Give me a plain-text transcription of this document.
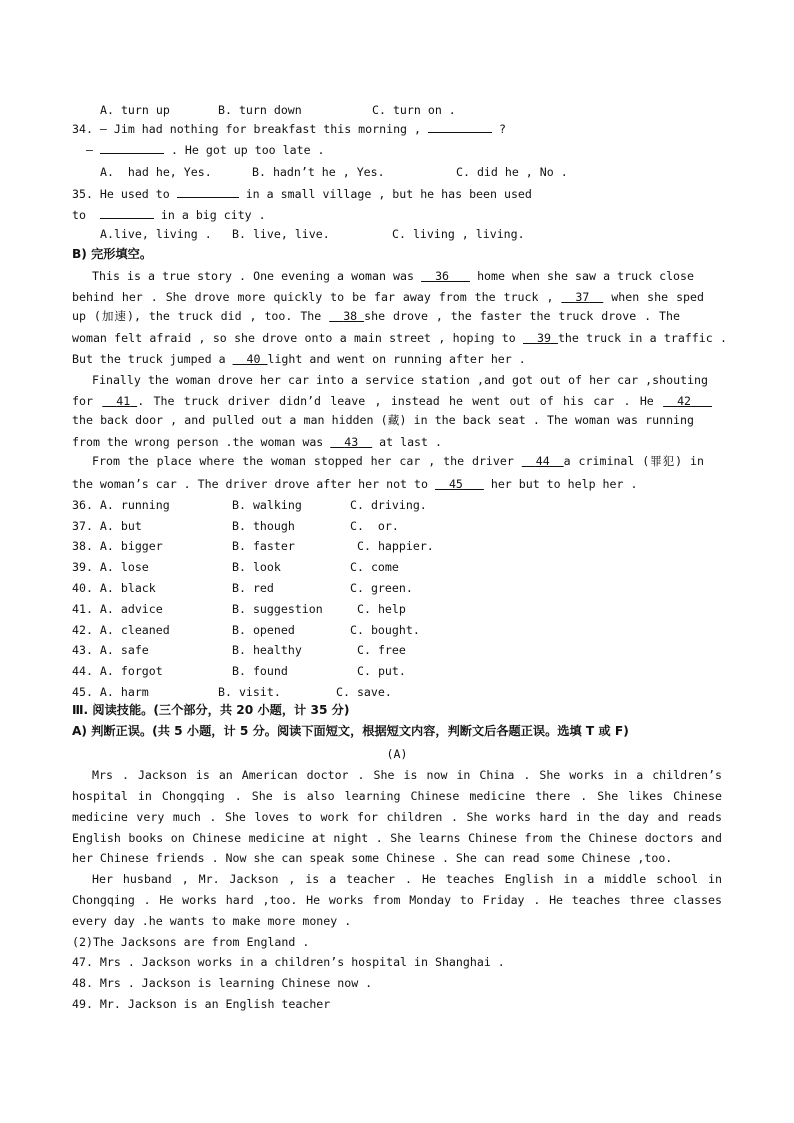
A. turn up	B. turn down	C. turn on .
34. — Jim had nothing for breakfast this morning ,	?
—	. He got up too late .
A.  had he, Yes.	B. hadn’t he , Yes.	C. did he , No .
35. He used to	in a small village , but he has been used
to	in a big city .
A.live, living . B. live, live.	C. living , living.
B) 完形填空。
This is a true story . One evening a woman was 36 home when she saw a truck close
behind her . She drove more quickly to be far away from the truck , 37 when she sped
up (加速), the truck did , too. The 38 she drove , the faster the truck drove . The
woman felt afraid , so she drove onto a main street , hoping to 39 the truck in a traffic .
But the truck jumped a 40 light and went on running after her .
Finally the woman drove her car into a service station ,and got out of her car ,shouting
for 41 . The truck driver didn’d leave , instead he went out of his car . He 42
the back door , and pulled out a man hidden (藏) in the back seat . The woman was running
from the wrong person .the woman was 43 at last .
From the place where the woman stopped her car , the driver 44 a criminal (罪犯) in
the woman’s car . The driver drove after her not to 45 her but to help her .
36. A. running	B. walking	C. driving.
37. A. but	B. though	C.  or.
38. A. bigger	B. faster	C. happier.
39. A. lose	B. look	C. come
40. A. black	B. red	C. green.
41. A. advice	B. suggestion	C. help
42. A. cleaned	B. opened	C. bought.
43. A. safe	B. healthy	C. free
44. A. forgot	B. found	C. put.
45. A. harm	B. visit.	C. save.
Ⅲ. 阅读技能。(三个部分，共 20 小题，计 35 分)
A) 判断正误。(共 5 小题，计 5 分。阅读下面短文，根据短文内容，判断文后各题正误。选填 T 或 F)
(A)
Mrs . Jackson is an American doctor . She is now in China . She works in a children’s
hospital in Chongqing . She is also learning Chinese medicine there . She likes Chinese
medicine very much . She loves to work for children . She works hard in the day and reads
English books on Chinese medicine at night . She learns Chinese from the Chinese doctors and
her Chinese friends . Now she can speak some Chinese . She can read some Chinese ,too.
Her husband , Mr. Jackson , is a teacher . He teaches English in a middle school in
Chongqing . He works hard ,too. He works from Monday to Friday . He teaches three classes
every day .he wants to make more money .
(2)The Jacksons are from England .
47. Mrs . Jackson works in a children’s hospital in Shanghai .
48. Mrs . Jackson is learning Chinese now .
49. Mr. Jackson is an English teacher
